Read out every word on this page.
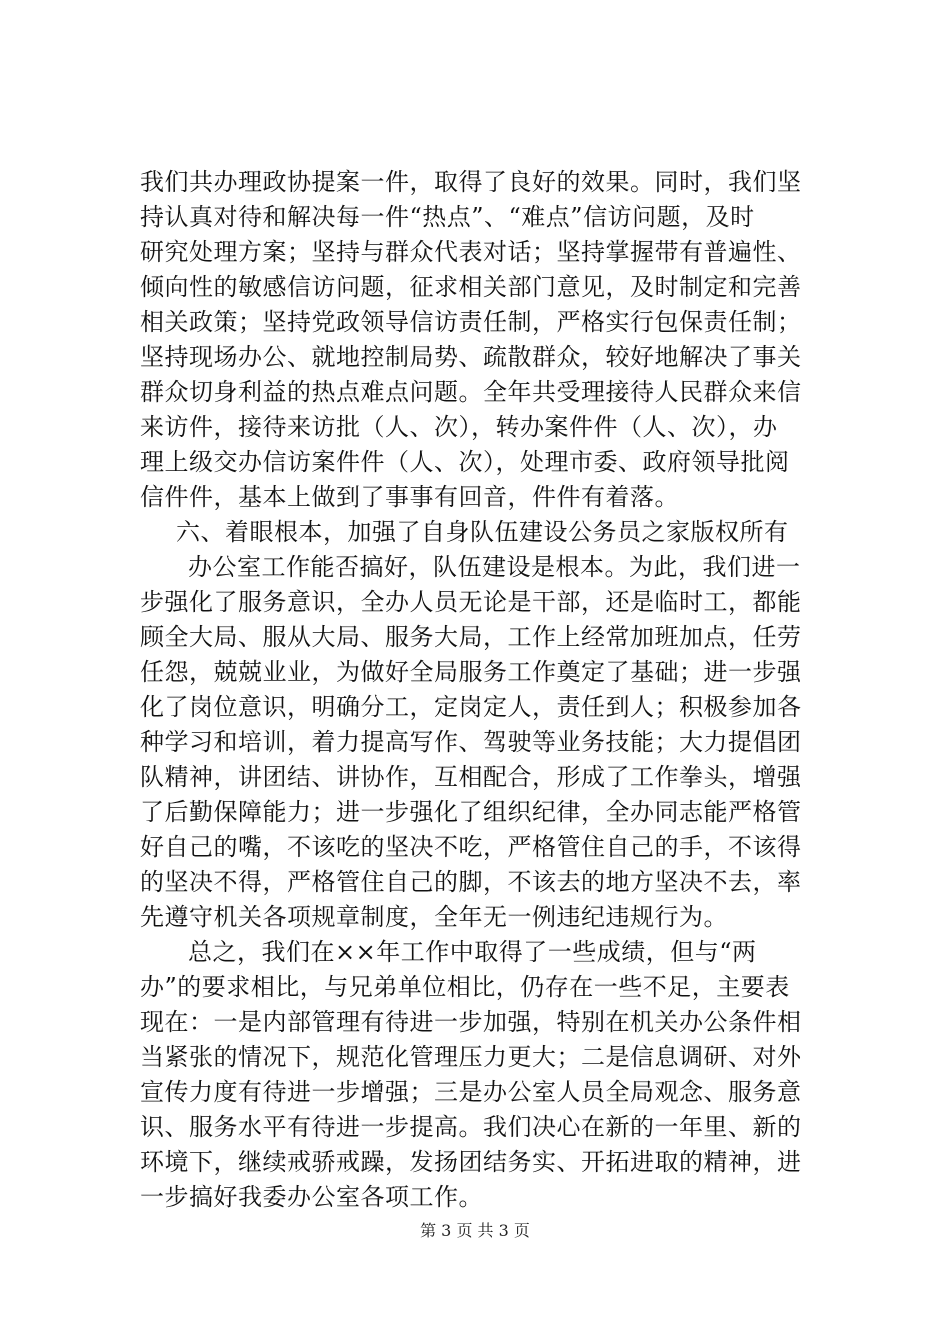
我们共办理政协提案一件，取得了良好的效果。同时，我们坚
持认真对待和解决每一件“热点”、“难点”信访问题，及时
研究处理方案；坚持与群众代表对话；坚持掌握带有普遍性、
倾向性的敏感信访问题，征求相关部门意见，及时制定和完善
相关政策；坚持党政领导信访责任制，严格实行包保责任制；
坚持现场办公、就地控制局势、疏散群众，较好地解决了事关
群众切身利益的热点难点问题。全年共受理接待人民群众来信
来访件，接待来访批（人、次），转办案件件（人、次），办
理上级交办信访案件件（人、次），处理市委、政府领导批阅
信件件，基本上做到了事事有回音，件件有着落。
六、着眼根本，加强了自身队伍建设公务员之家版权所有
办公室工作能否搞好，队伍建设是根本。为此，我们进一
步强化了服务意识，全办人员无论是干部，还是临时工，都能
顾全大局、服从大局、服务大局，工作上经常加班加点，任劳
任怨，兢兢业业，为做好全局服务工作奠定了基础；进一步强
化了岗位意识，明确分工，定岗定人，责任到人；积极参加各
种学习和培训，着力提高写作、驾驶等业务技能；大力提倡团
队精神，讲团结、讲协作，互相配合，形成了工作拳头，增强
了后勤保障能力；进一步强化了组织纪律，全办同志能严格管
好自己的嘴，不该吃的坚决不吃，严格管住自己的手，不该得
的坚决不得，严格管住自己的脚，不该去的地方坚决不去，率
先遵守机关各项规章制度，全年无一例违纪违规行为。
总之，我们在××年工作中取得了一些成绩，但与“两
办”的要求相比，与兄弟单位相比，仍存在一些不足，主要表
现在：一是内部管理有待进一步加强，特别在机关办公条件相
当紧张的情况下，规范化管理压力更大；二是信息调研、对外
宣传力度有待进一步增强；三是办公室人员全局观念、服务意
识、服务水平有待进一步提高。我们决心在新的一年里、新的
环境下，继续戒骄戒躁，发扬团结务实、开拓进取的精神，进
一步搞好我委办公室各项工作。
第 3 页 共 3 页
